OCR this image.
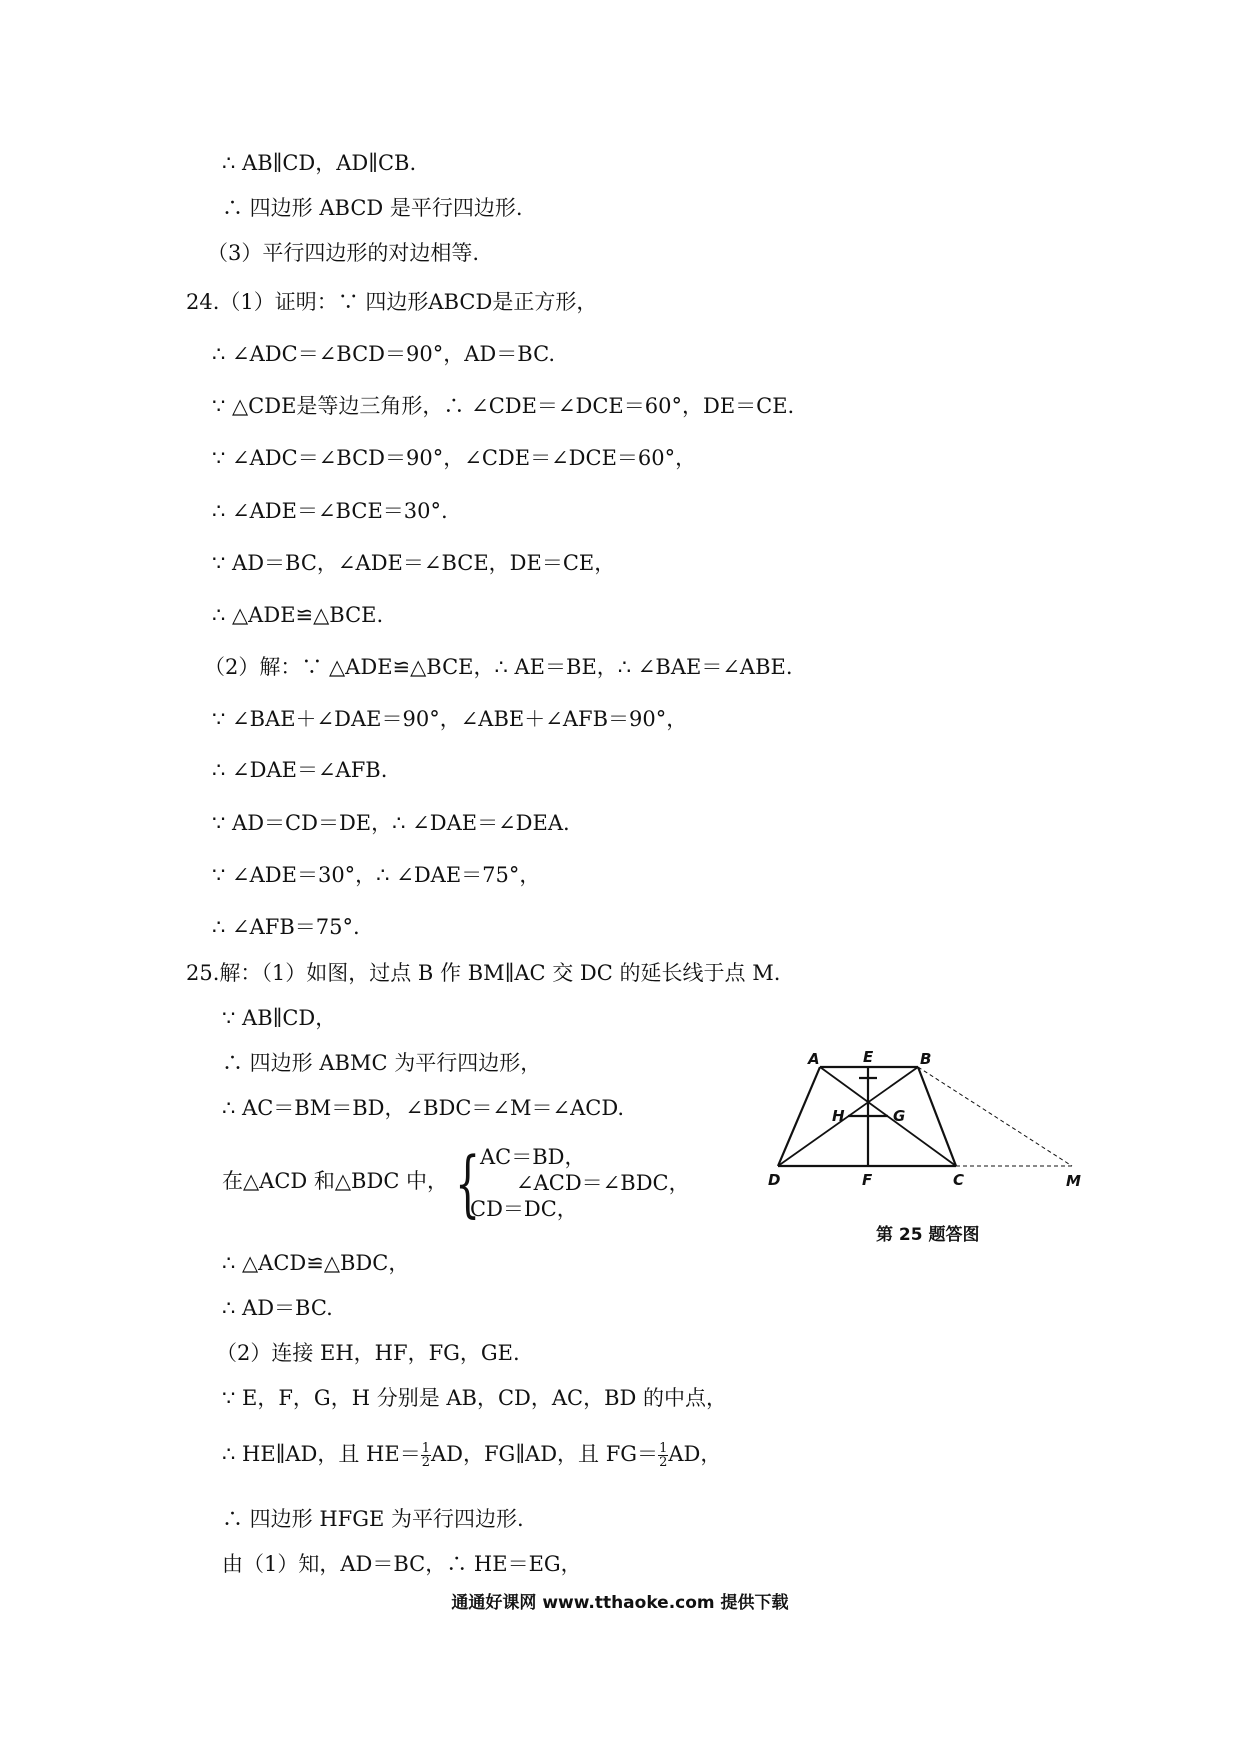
∴ AB∥CD，AD∥CB.
∴ 四边形 ABCD 是平行四边形.
（3）平行四边形的对边相等.
24.（1）证明：∵ 四边形ABCD是正方形，
∴ ∠ADC＝∠BCD＝90°，AD＝BC.
∵ △CDE是等边三角形，∴ ∠CDE＝∠DCE＝60°，DE＝CE.
∵ ∠ADC＝∠BCD＝90°，∠CDE＝∠DCE＝60°，
∴ ∠ADE＝∠BCE＝30°.
∵ AD＝BC，∠ADE＝∠BCE，DE＝CE，
∴ △ADE≌△BCE.
（2）解：∵ △ADE≌△BCE，∴ AE＝BE，∴ ∠BAE＝∠ABE.
∵ ∠BAE＋∠DAE＝90°，∠ABE＋∠AFB＝90°，
∴ ∠DAE＝∠AFB.
∵ AD＝CD＝DE，∴ ∠DAE＝∠DEA.
∵ ∠ADE＝30°，∴ ∠DAE＝75°，
∴ ∠AFB＝75°.
25.解：（1）如图，过点 B 作 BM∥AC 交 DC 的延长线于点 M.
∵ AB∥CD，
∴ 四边形 ABMC 为平行四边形，
∴ AC＝BM＝BD，∠BDC＝∠M＝∠ACD.
在△ACD 和△BDC 中， { AC＝BD，
∠ACD＝∠BDC，
CD＝DC，
∴ △ACD≌△BDC，
∴ AD＝BC.
（2）连接 EH，HF，FG，GE.
∵ E，F，G，H 分别是 AB，CD，AC，BD 的中点，
∴ HE∥AD，且 $HE= \frac{1}{2}$ AD，FG∥AD，且 $FG= \frac{1}{2}$ AD，
∴ 四边形 HFGE 为平行四边形.
由（1）知，AD＝BC，∴ HE＝EG，
A	E	B
H	G
D	F	C	M
第 25 题答图
通通好课网 www.tthaoke.com 提供下载
